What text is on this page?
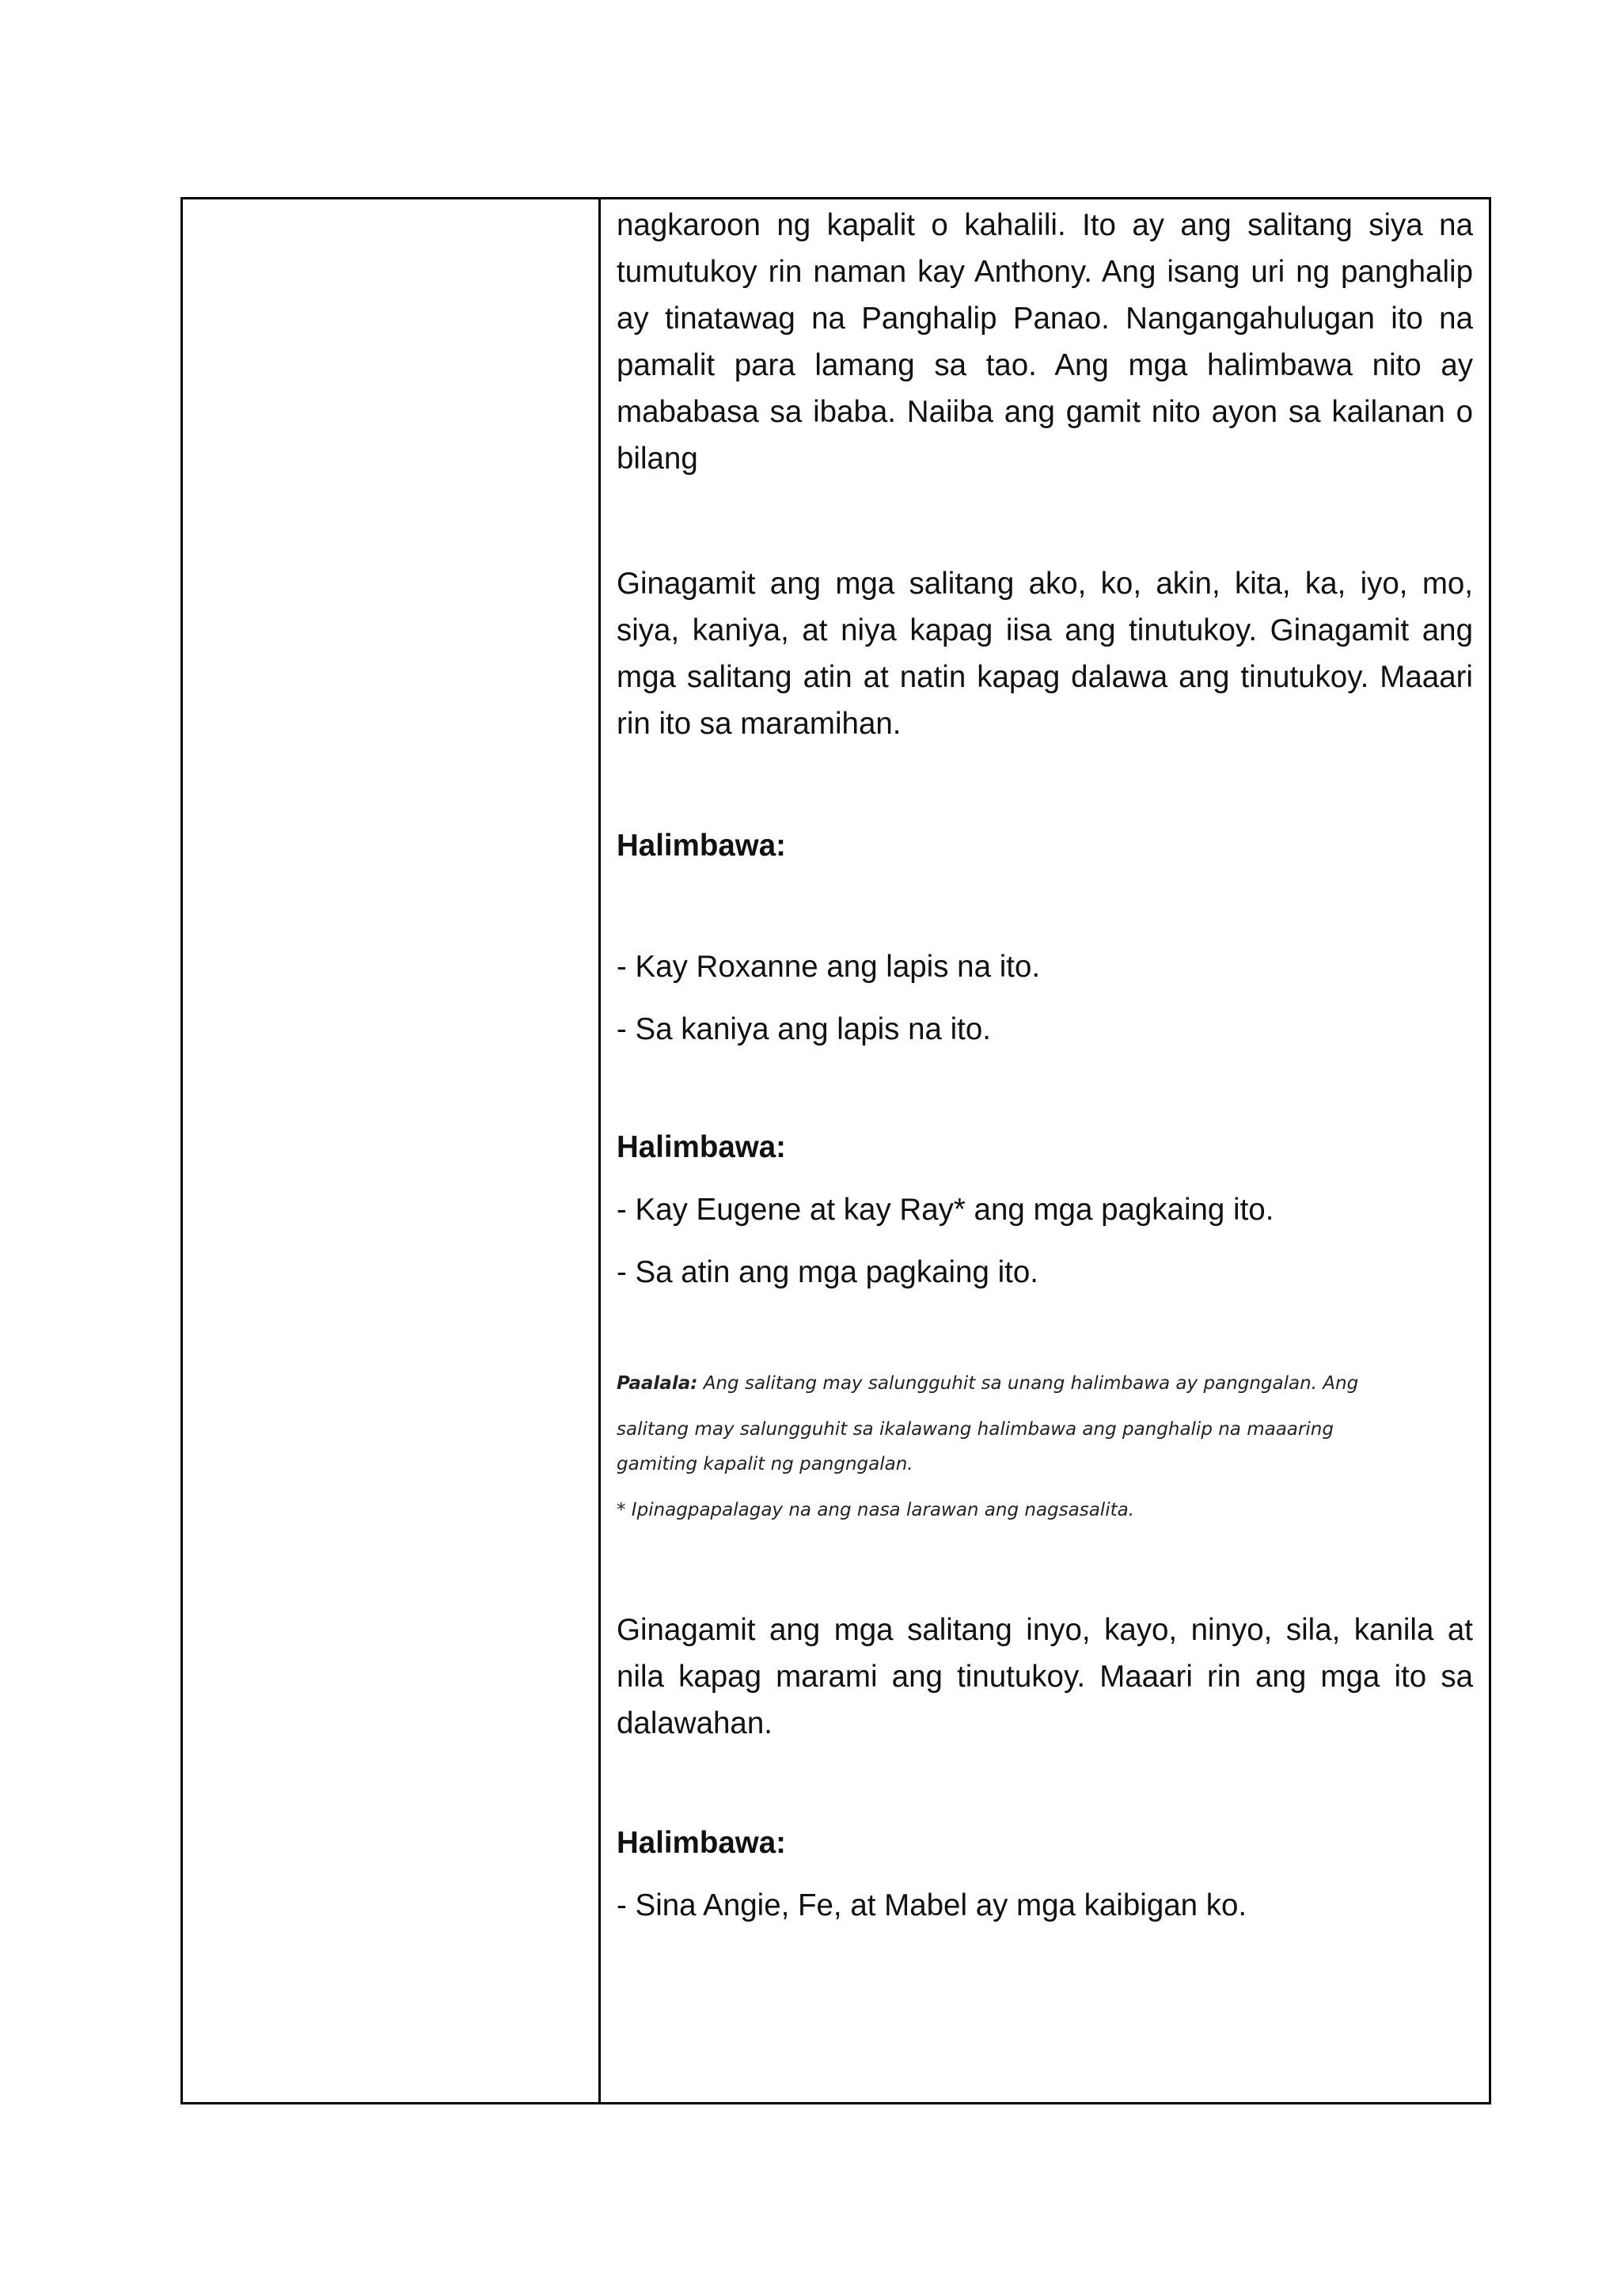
nagkaroon ng kapalit o kahalili. Ito ay ang salitang siya na tumutukoy rin naman kay Anthony. Ang isang uri ng panghalip ay tinatawag na Panghalip Panao. Nangangahulugan ito na pamalit para lamang sa tao. Ang mga halimbawa nito ay mababasa sa ibaba. Naiiba ang gamit nito ayon sa kailanan o bilang

Ginagamit ang mga salitang ako, ko, akin, kita, ka, iyo, mo, siya, kaniya, at niya kapag iisa ang tinutukoy. Ginagamit ang mga salitang atin at natin kapag dalawa ang tinutukoy. Maaari rin ito sa maramihan.

Halimbawa:

- Kay Roxanne ang lapis na ito.

- Sa kaniya ang lapis na ito.

Halimbawa:

- Kay Eugene at kay Ray* ang mga pagkaing ito.

- Sa atin ang mga pagkaing ito.

Paalala: Ang salitang may salungguhit sa unang halimbawa ay pangngalan. Ang

salitang may salungguhit sa ikalawang halimbawa ang panghalip na maaaring

gamiting kapalit ng pangngalan.

* Ipinagpapalagay na ang nasa larawan ang nagsasalita.

Ginagamit ang mga salitang inyo, kayo, ninyo, sila, kanila at nila kapag marami ang tinutukoy. Maaari rin ang mga ito sa dalawahan.

Halimbawa:

- Sina Angie, Fe, at Mabel ay mga kaibigan ko.
